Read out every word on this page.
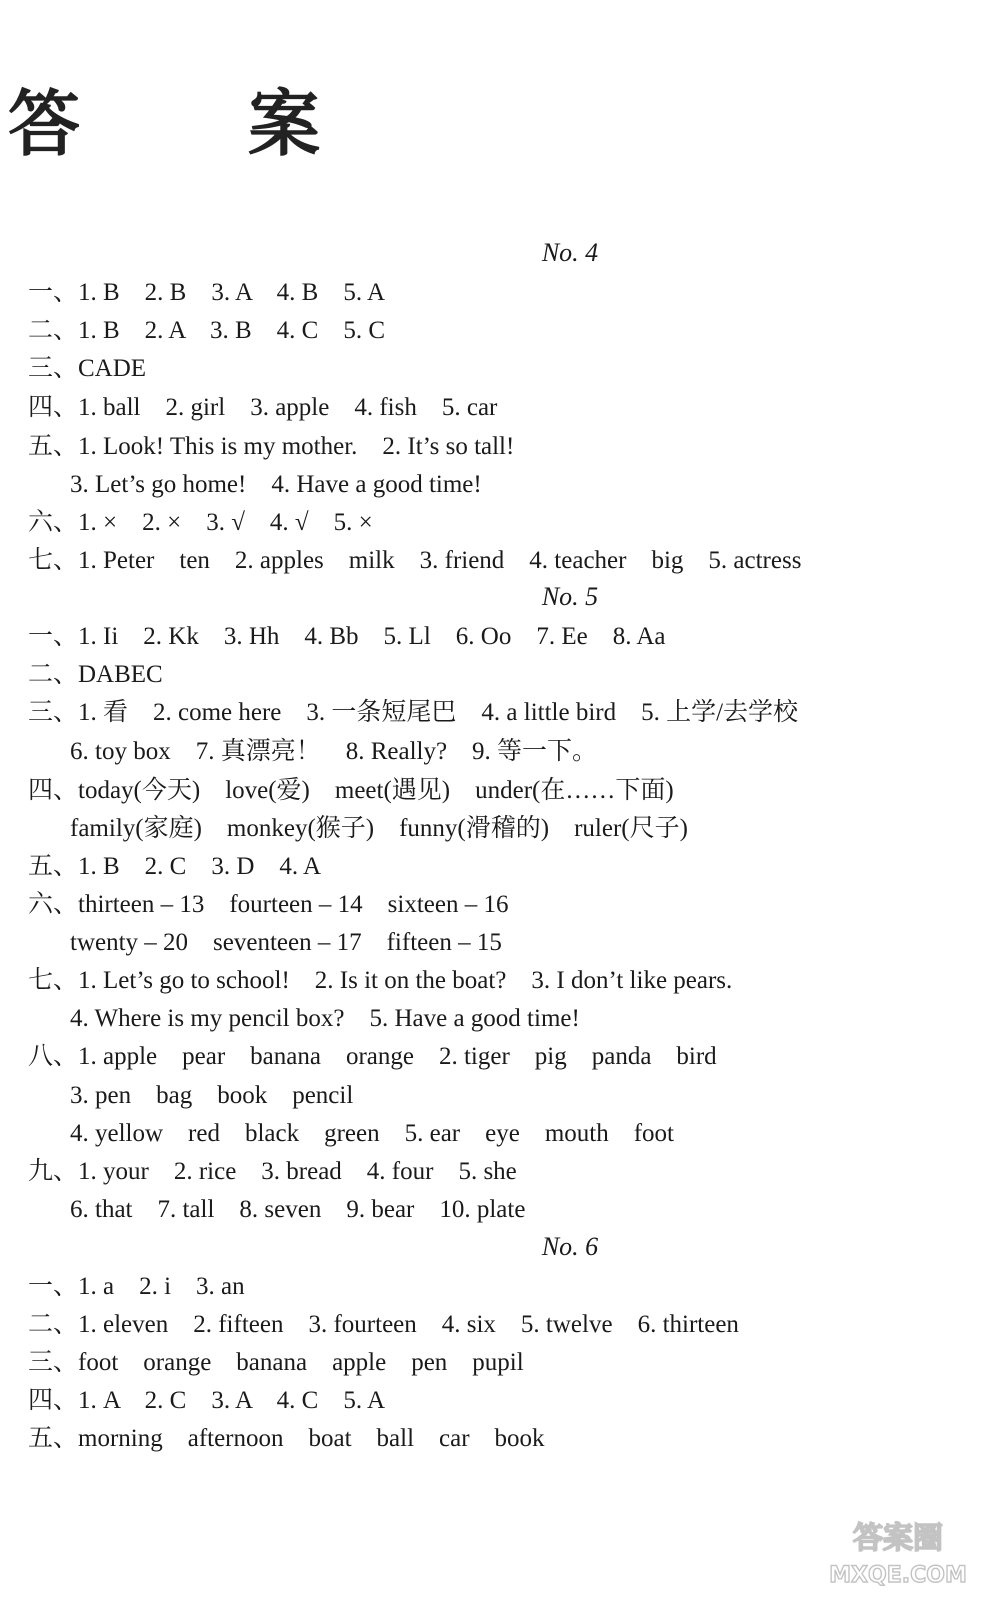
答　案
No. 4
一、1. B　2. B　3. A　4. B　5. A
二、1. B　2. A　3. B　4. C　5. C
三、CADE
四、1. ball　2. girl　3. apple　4. fish　5. car
五、1. Look! This is my mother.　2. It’s so tall!
3. Let’s go home!　4. Have a good time!
六、1. ×　2. ×　3. √　4. √　5. ×
七、1. Peter　ten　2. apples　milk　3. friend　4. teacher　big　5. actress
No. 5
一、1. Ii　2. Kk　3. Hh　4. Bb　5. Ll　6. Oo　7. Ee　8. Aa
二、DABEC
三、1. 看　2. come here　3. 一条短尾巴　4. a little bird　5. 上学/去学校
6. toy box　7. 真漂亮！　8. Really?　9. 等一下。
四、today(今天)　love(爱)　meet(遇见)　under(在……下面)
family(家庭)　monkey(猴子)　funny(滑稽的)　ruler(尺子)
五、1. B　2. C　3. D　4. A
六、thirteen – 13　fourteen – 14　sixteen – 16
twenty – 20　seventeen – 17　fifteen – 15
七、1. Let’s go to school!　2. Is it on the boat?　3. I don’t like pears.
4. Where is my pencil box?　5. Have a good time!
八、1. apple　pear　banana　orange　2. tiger　pig　panda　bird
3. pen　bag　book　pencil
4. yellow　red　black　green　5. ear　eye　mouth　foot
九、1. your　2. rice　3. bread　4. four　5. she
6. that　7. tall　8. seven　9. bear　10. plate
No. 6
一、1. a　2. i　3. an
二、1. eleven　2. fifteen　3. fourteen　4. six　5. twelve　6. thirteen
三、foot　orange　banana　apple　pen　pupil
四、1. A　2. C　3. A　4. C　5. A
五、morning　afternoon　boat　ball　car　book
答案圈
MXQE.COM
